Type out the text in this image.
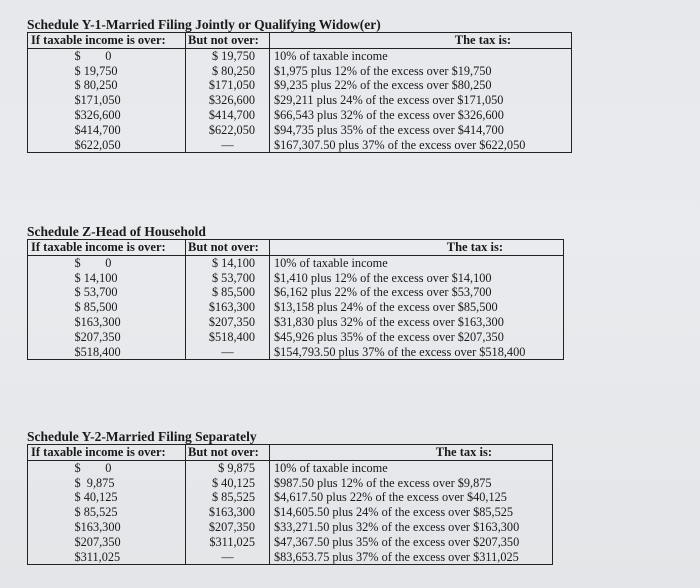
Schedule Y-1-Married Filing Jointly or Qualifying Widow(er)
If taxable income is over:	But not over:	The tax is:
$        0	$ 19,750	10% of taxable income
$ 19,750	$ 80,250	$1,975 plus 12% of the excess over $19,750
$ 80,250	$171,050	$9,235 plus 22% of the excess over $80,250
$171,050	$326,600	$29,211 plus 24% of the excess over $171,050
$326,600	$414,700	$66,543 plus 32% of the excess over $326,600
$414,700	$622,050	$94,735 plus 35% of the excess over $414,700
$622,050	—	$167,307.50 plus 37% of the excess over $622,050
Schedule Z-Head of Household
If taxable income is over:	But not over:	The tax is:
$        0	$ 14,100	10% of taxable income
$ 14,100	$ 53,700	$1,410 plus 12% of the excess over $14,100
$ 53,700	$ 85,500	$6,162 plus 22% of the excess over $53,700
$ 85,500	$163,300	$13,158 plus 24% of the excess over $85,500
$163,300	$207,350	$31,830 plus 32% of the excess over $163,300
$207,350	$518,400	$45,926 plus 35% of the excess over $207,350
$518,400	—	$154,793.50 plus 37% of the excess over $518,400
Schedule Y-2-Married Filing Separately
If taxable income is over:	But not over:	The tax is:
$        0	$ 9,875	10% of taxable income
$  9,875	$ 40,125	$987.50 plus 12% of the excess over $9,875
$ 40,125	$ 85,525	$4,617.50 plus 22% of the excess over $40,125
$ 85,525	$163,300	$14,605.50 plus 24% of the excess over $85,525
$163,300	$207,350	$33,271.50 plus 32% of the excess over $163,300
$207,350	$311,025	$47,367.50 plus 35% of the excess over $207,350
$311,025	—	$83,653.75 plus 37% of the excess over $311,025
